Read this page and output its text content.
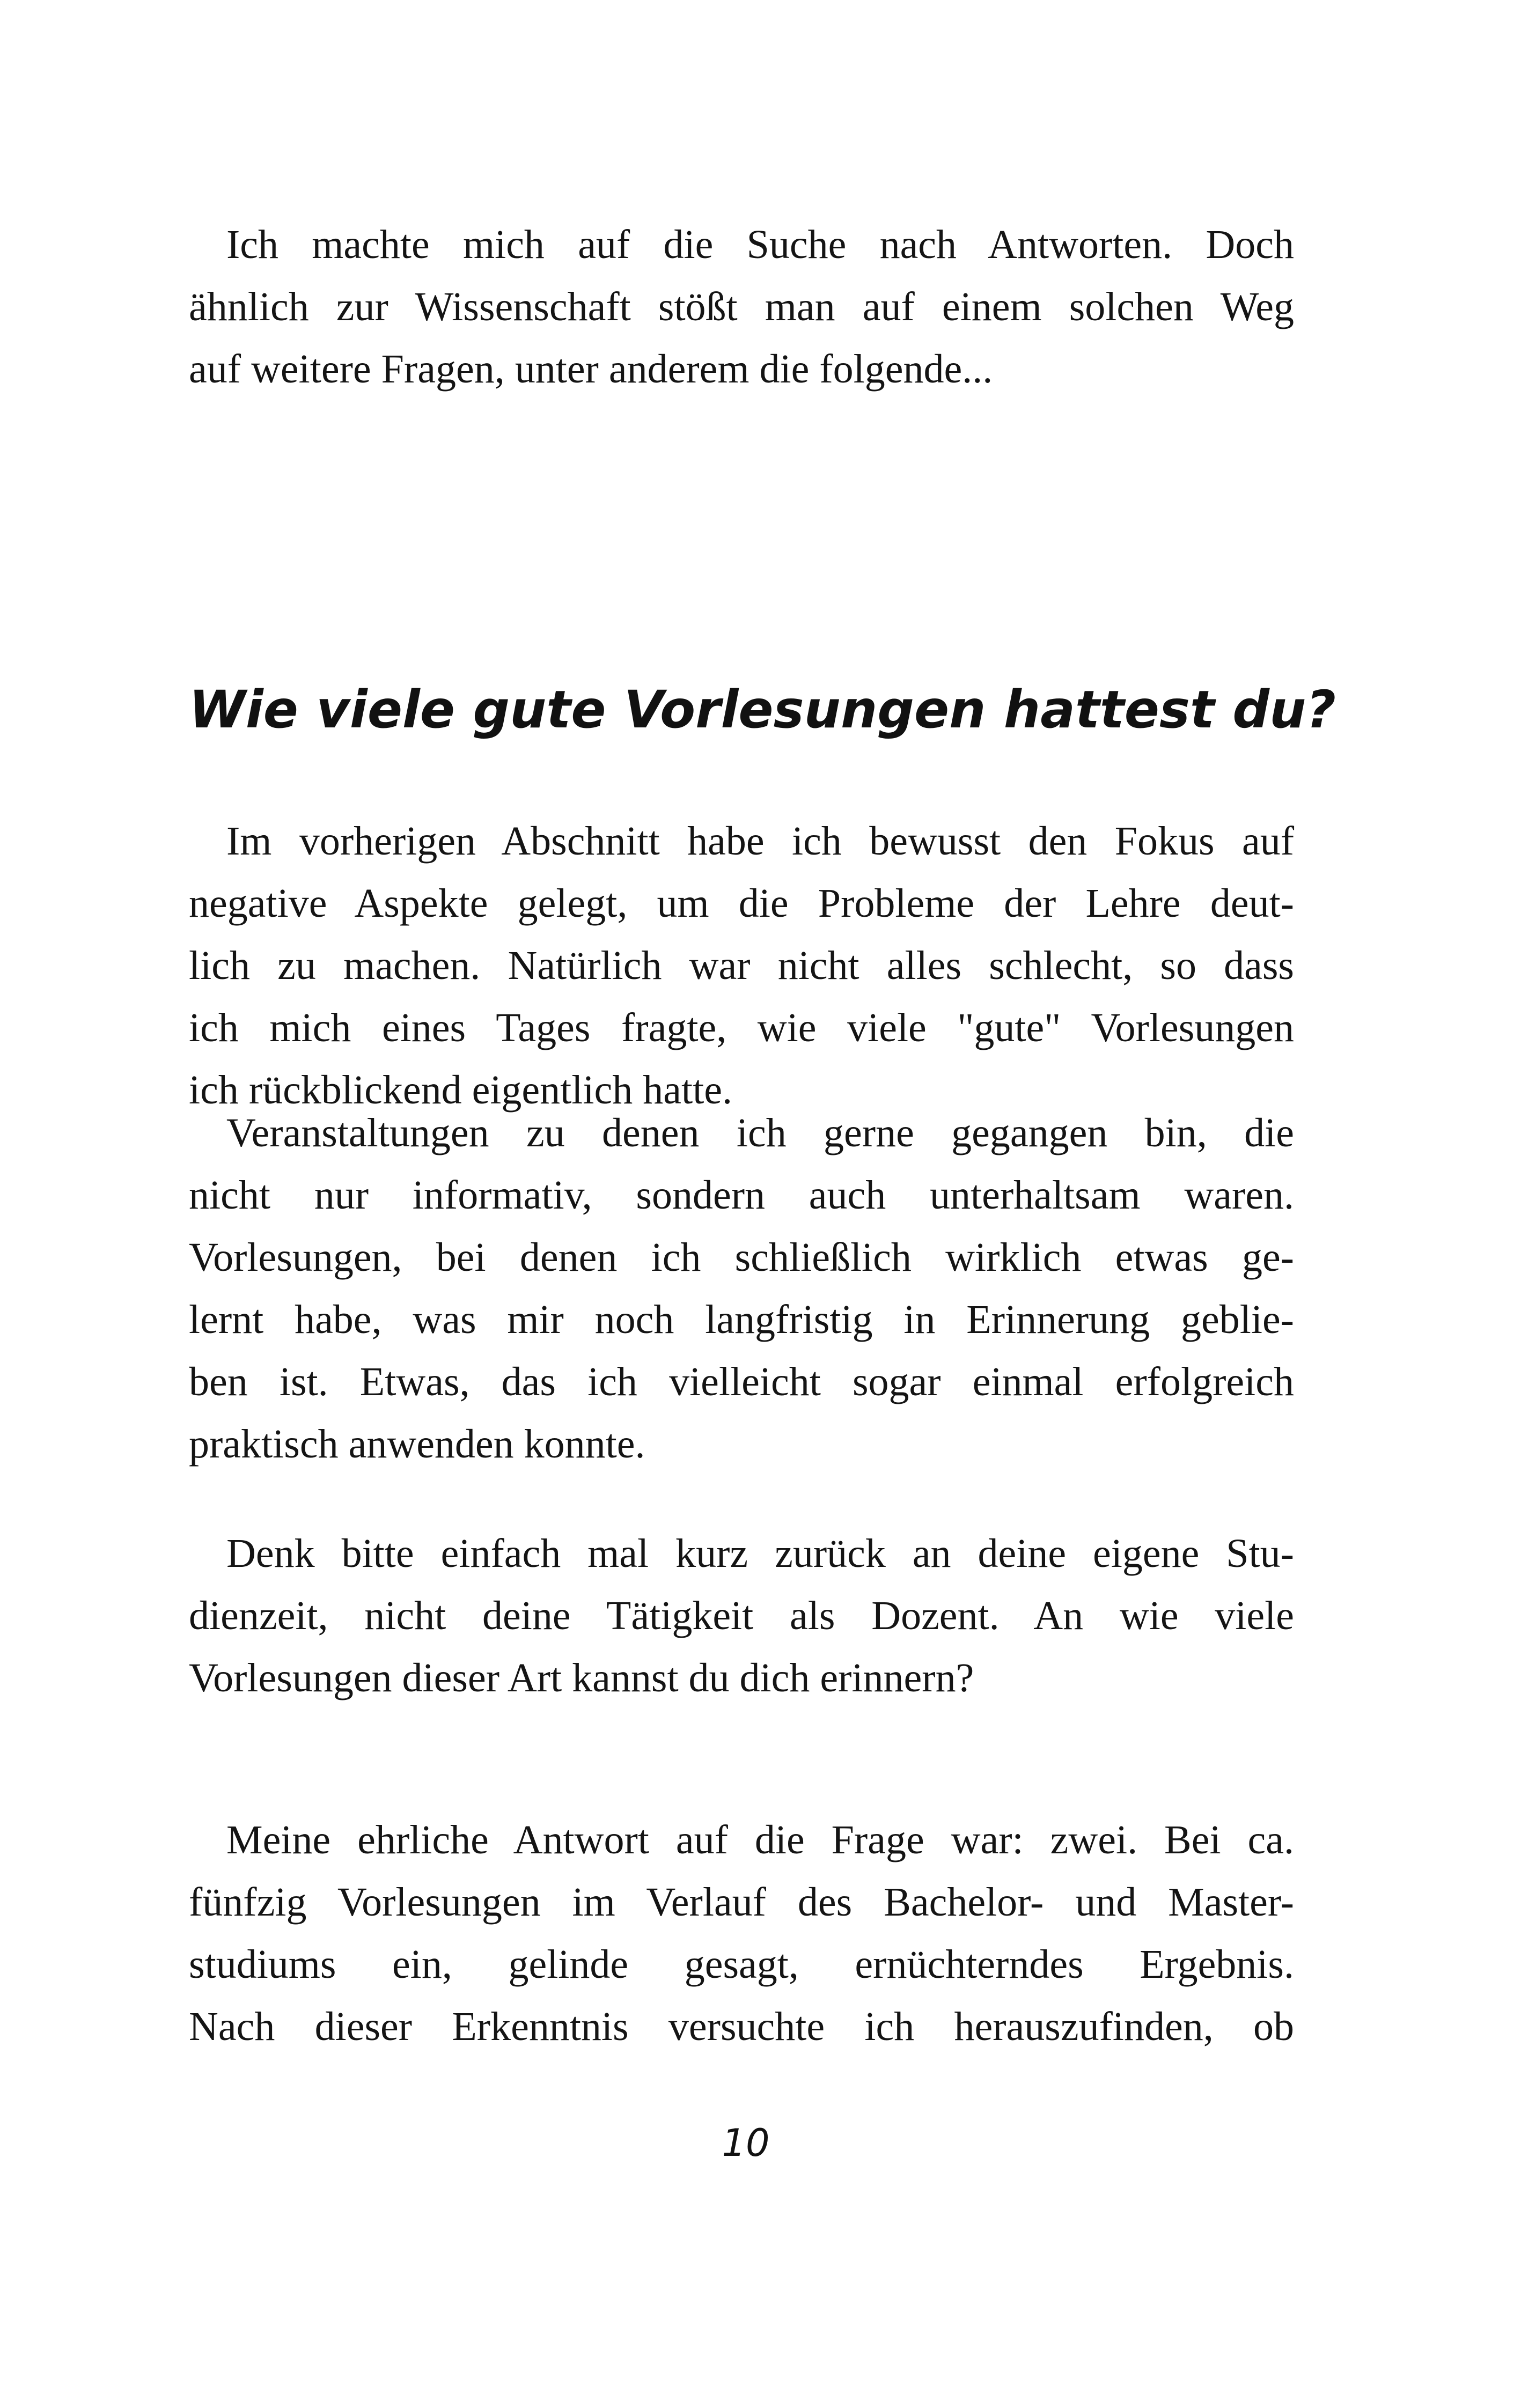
Ich machte mich auf die Suche nach Antworten. Doch
ähnlich zur Wissenschaft stößt man auf einem solchen Weg
auf weitere Fragen, unter anderem die folgende...
Wie viele gute Vorlesungen hattest du?
Im vorherigen Abschnitt habe ich bewusst den Fokus auf
negative Aspekte gelegt, um die Probleme der Lehre deut-
lich zu machen. Natürlich war nicht alles schlecht, so dass
ich mich eines Tages fragte, wie viele "gute" Vorlesungen
ich rückblickend eigentlich hatte.
Veranstaltungen zu denen ich gerne gegangen bin, die
nicht nur informativ, sondern auch unterhaltsam waren.
Vorlesungen, bei denen ich schließlich wirklich etwas ge-
lernt habe, was mir noch langfristig in Erinnerung geblie-
ben ist. Etwas, das ich vielleicht sogar einmal erfolgreich
praktisch anwenden konnte.
Denk bitte einfach mal kurz zurück an deine eigene Stu-
dienzeit, nicht deine Tätigkeit als Dozent. An wie viele
Vorlesungen dieser Art kannst du dich erinnern?
Meine ehrliche Antwort auf die Frage war: zwei. Bei ca.
fünfzig Vorlesungen im Verlauf des Bachelor- und Master-
studiums ein, gelinde gesagt, ernüchterndes Ergebnis.
Nach dieser Erkenntnis versuchte ich herauszufinden, ob
10
